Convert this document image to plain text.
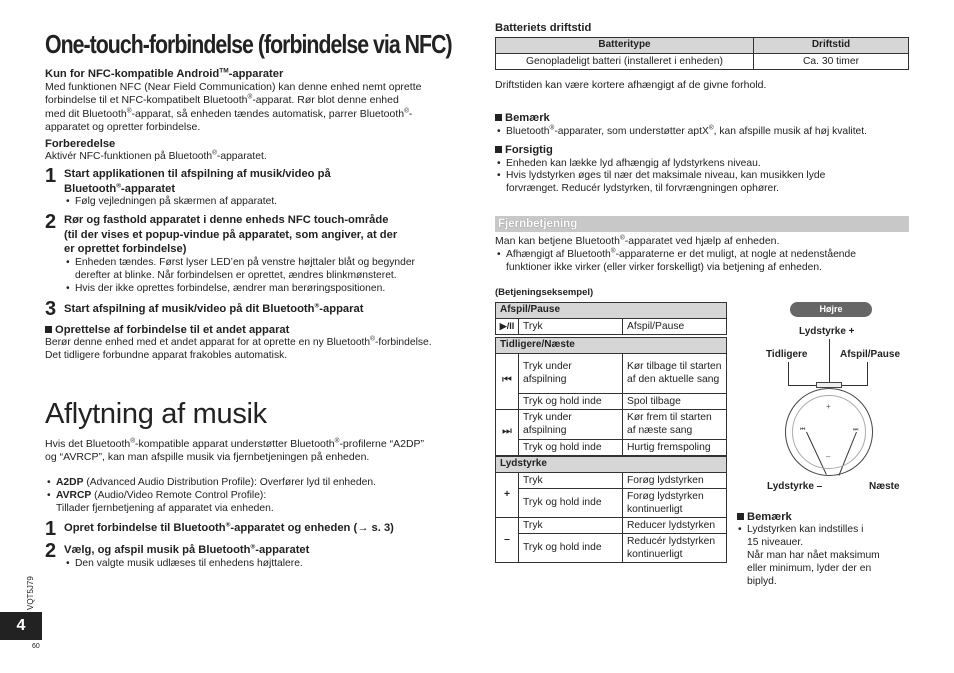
One-touch-forbindelse (forbindelse via NFC)
Kun for NFC-kompatible Android™-apparater
Med funktionen NFC (Near Field Communication) kan denne enhed nemt oprette
forbindelse til et NFC-kompatibelt Bluetooth®-apparat. Rør blot denne enhed
med dit Bluetooth®-apparat, så enheden tændes automatisk, parrer Bluetooth®-
apparatet og opretter forbindelse.
Forberedelse
Aktivér NFC-funktionen på Bluetooth®-apparatet.
1 Start applikationen til afspilning af musik/video på
Bluetooth®-apparatet
• Følg vejledningen på skærmen af apparatet.
2 Rør og fasthold apparatet i denne enheds NFC touch-område
(til der vises et popup-vindue på apparatet, som angiver, at der
er oprettet forbindelse)
• Enheden tændes. Først lyser LED’en på venstre højttaler blåt og begynder
derefter at blinke. Når forbindelsen er oprettet, ændres blinkmønsteret.
• Hvis der ikke oprettes forbindelse, ændrer man berøringspositionen.
3 Start afspilning af musik/video på dit Bluetooth®-apparat
Oprettelse af forbindelse til et andet apparat
Berør denne enhed med et andet apparat for at oprette en ny Bluetooth®-forbindelse.
Det tidligere forbundne apparat frakobles automatisk.
Aflytning af musik
Hvis det Bluetooth®-kompatible apparat understøtter Bluetooth®-profilerne “A2DP”
og “AVRCP”, kan man afspille musik via fjernbetjeningen på enheden.
• A2DP (Advanced Audio Distribution Profile): Overfører lyd til enheden.
• AVRCP (Audio/Video Remote Control Profile):
Tillader fjernbetjening af apparatet via enheden.
1 Opret forbindelse til Bluetooth®-apparatet og enheden (→ s. 3)
2 Vælg, og afspil musik på Bluetooth®-apparatet
• Den valgte musik udlæses til enhedens højttalere.
VQT5J79
4
60
Batteriets driftstid
Batteritype	Driftstid
Genopladeligt batteri (installeret i enheden)	Ca. 30 timer
Driftstiden kan være kortere afhængigt af de givne forhold.
Bemærk
• Bluetooth®-apparater, som understøtter aptX®, kan afspille musik af høj kvalitet.
Forsigtig
• Enheden kan lække lyd afhængig af lydstyrkens niveau.
• Hvis lydstyrken øges til nær det maksimale niveau, kan musikken lyde
forvrænget. Reducér lydstyrken, til forvrængningen ophører.
Fjernbetjening
Man kan betjene Bluetooth®-apparatet ved hjælp af enheden.
• Afhængigt af Bluetooth®-apparaterne er det muligt, at nogle at nedenstående
funktioner ikke virker (eller virker forskelligt) via betjening af enheden.
(Betjeningseksempel)
Afspil/Pause
▶/II	Tryk	Afspil/Pause
Tidligere/Næste		
⏮	Tryk under afspilning	Kør tilbage til starten af den aktuelle sang
	Tryk og hold inde	Spol tilbage
⏭	Tryk under afspilning	Kør frem til starten af næste sang
	Tryk og hold inde	Hurtig fremspoling
Lydstyrke		
+	Tryk	Forøg lydstyrken
	Tryk og hold inde	Forøg lydstyrken kontinuerligt
–	Tryk	Reducer lydstyrken
	Tryk og hold inde	Reducér lydstyrken kontinuerligt
Højre
Lydstyrke +
Tidligere	Afspil/Pause
Lydstyrke –	Næste
+
–
⏮	⏭
Bemærk
• Lydstyrken kan indstilles i
15 niveauer.
Når man har nået maksimum
eller minimum, lyder der en
biplyd.
